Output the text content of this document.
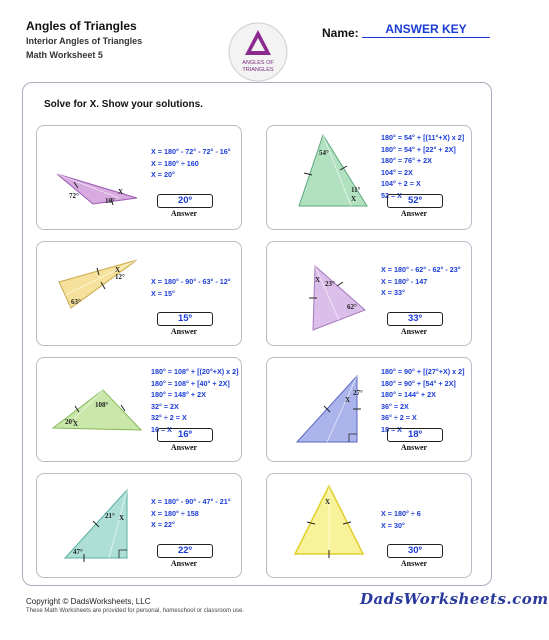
Angles of Triangles
Interior Angles of Triangles
Math Worksheet 5
ANGLES OF
TRIANGLES
Name:	ANSWER KEY
Solve for X. Show your solutions.
72°
16°
X
X = 180° - 72° - 72° - 16°
X = 180° ÷ 160
X = 20°
20º
Answer
54°
11°
X
180° = 54° + [(11°+X) x 2]
180° = 54° + [22° + 2X]
180° = 76° + 2X
104° = 2X
104° ÷ 2 = X
52 = X 52º
Answer
63°
12°
X
X = 180° - 90° - 63° - 12°
X = 15°
15º
Answer
X 23°
62°
X = 180° - 62° - 62° - 23°
X = 180° - 147
X = 33°
33º
Answer
108°
20°
X
180° = 108° + [(20°+X) x 2]
180° = 108° + [40° + 2X]
180° = 148° + 2X
32° = 2X
32° ÷ 2 = X
16 = X 16º
Answer
X
27°
180° = 90° + [(27°+X) x 2]
180° = 90° + [54° + 2X]
180° = 144° + 2X
36° = 2X
36° ÷ 2 = X
18 = X 18º
Answer
21° X
47°
X = 180° - 90° - 47° - 21°
X = 180° ÷ 158
X = 22°
22º
Answer
X
X = 180° ÷ 6
X = 30°
30º
Answer
Copyright © DadsWorksheets, LLC
These Math Worksheets are provided for personal, homeschool or classroom use.
DadsWorksheets.com
